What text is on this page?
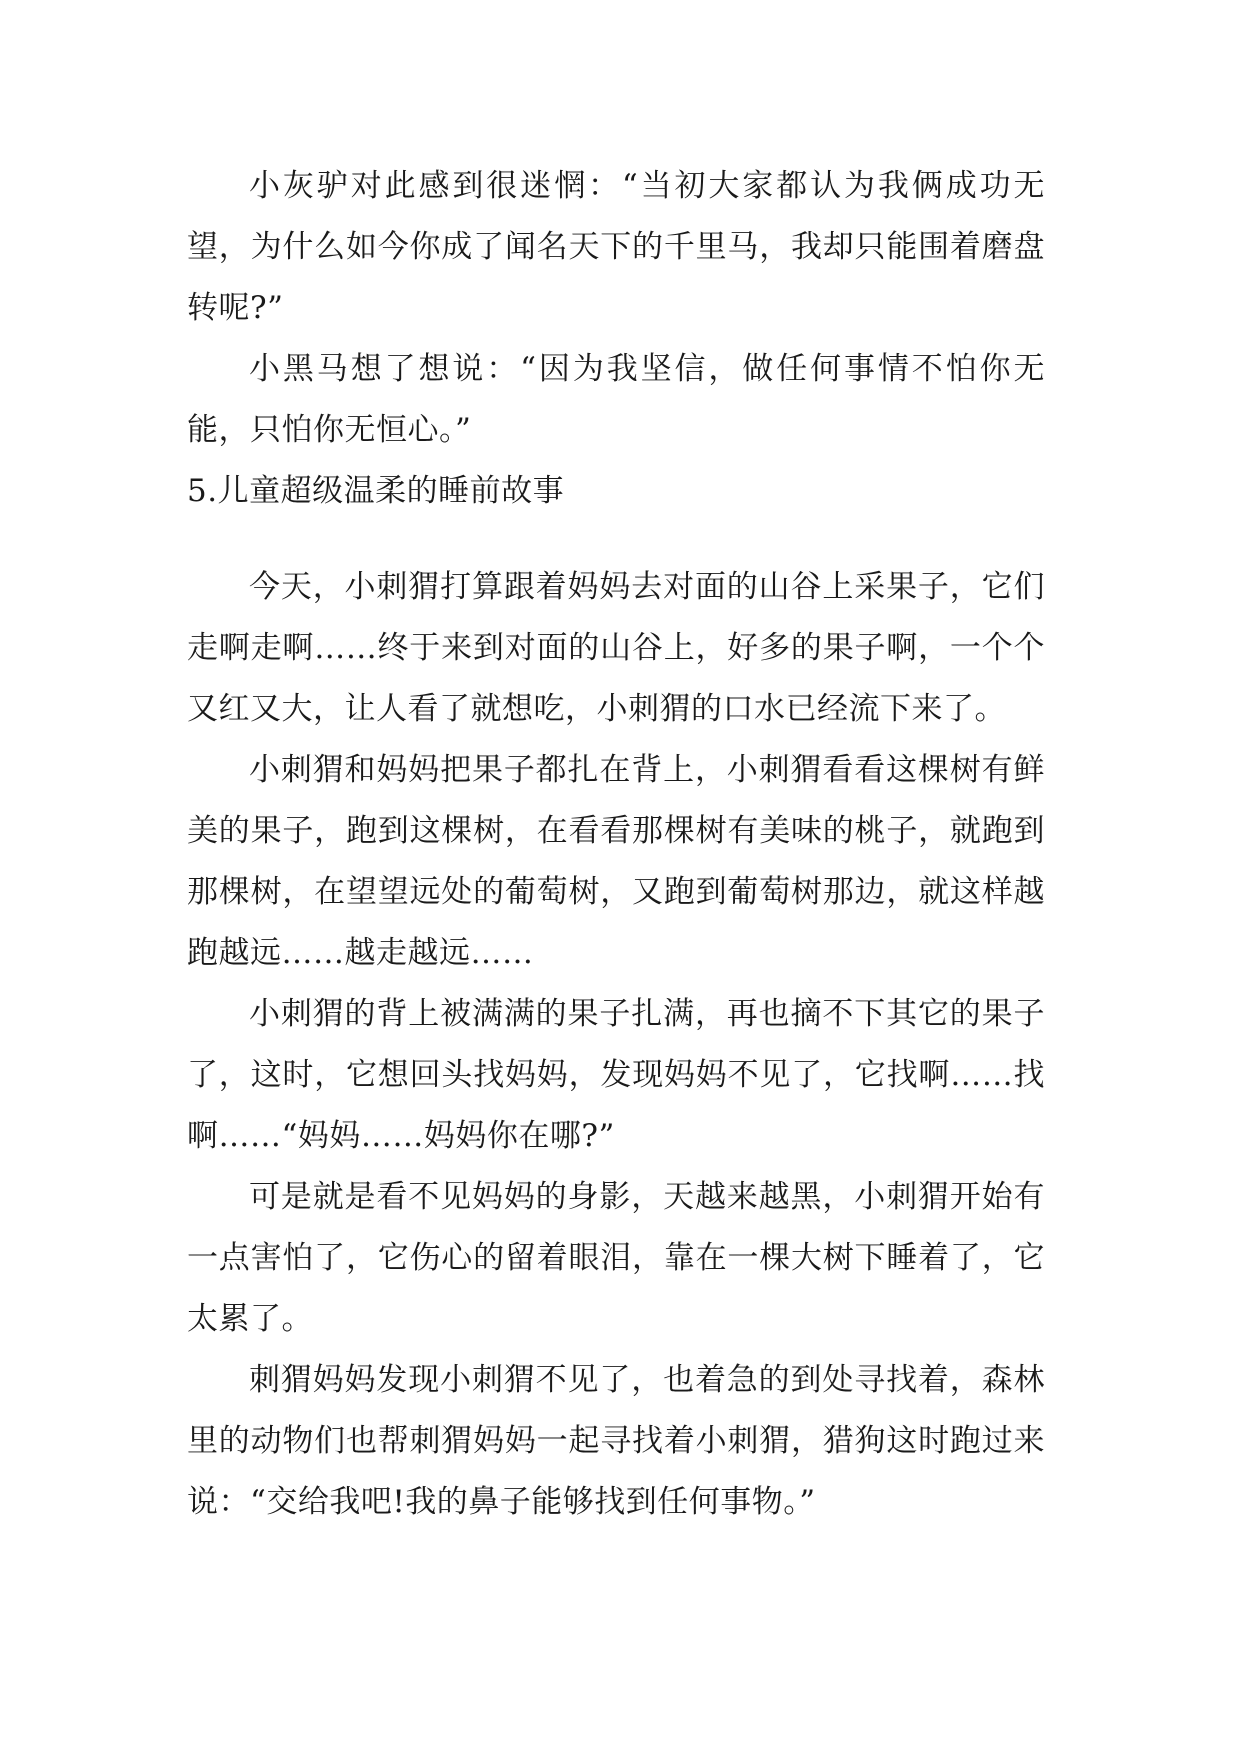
小灰驴对此感到很迷惘：“当初大家都认为我俩成功无望，为什么如今你成了闻名天下的千里马，我却只能围着磨盘转呢?”

小黑马想了想说：“因为我坚信，做任何事情不怕你无能，只怕你无恒心。”

5.儿童超级温柔的睡前故事

今天，小刺猬打算跟着妈妈去对面的山谷上采果子，它们走啊走啊……终于来到对面的山谷上，好多的果子啊，一个个又红又大，让人看了就想吃，小刺猬的口水已经流下来了。

小刺猬和妈妈把果子都扎在背上，小刺猬看看这棵树有鲜美的果子，跑到这棵树，在看看那棵树有美味的桃子，就跑到那棵树，在望望远处的葡萄树，又跑到葡萄树那边，就这样越跑越远……越走越远……

小刺猬的背上被满满的果子扎满，再也摘不下其它的果子了，这时，它想回头找妈妈，发现妈妈不见了，它找啊……找啊……“妈妈……妈妈你在哪?”

可是就是看不见妈妈的身影，天越来越黑，小刺猬开始有一点害怕了，它伤心的留着眼泪，靠在一棵大树下睡着了，它太累了。

刺猬妈妈发现小刺猬不见了，也着急的到处寻找着，森林里的动物们也帮刺猬妈妈一起寻找着小刺猬，猎狗这时跑过来说：“交给我吧!我的鼻子能够找到任何事物。”
